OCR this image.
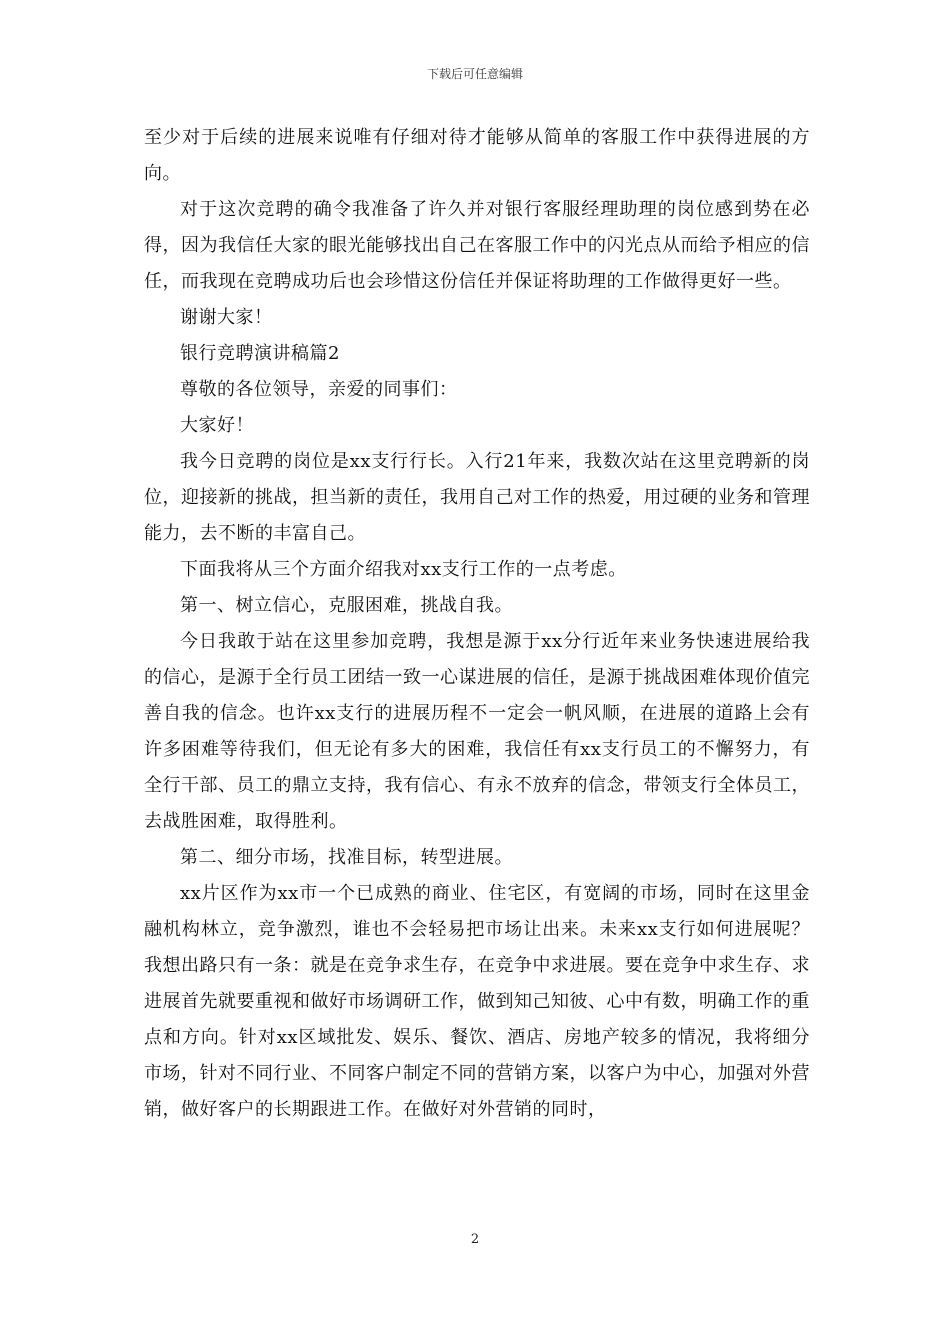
下载后可任意编辑

至少对于后续的进展来说唯有仔细对待才能够从简单的客服工作中获得进展的方向。

对于这次竞聘的确令我准备了许久并对银行客服经理助理的岗位感到势在必得，因为我信任大家的眼光能够找出自己在客服工作中的闪光点从而给予相应的信任，而我现在竞聘成功后也会珍惜这份信任并保证将助理的工作做得更好一些。

谢谢大家！

银行竞聘演讲稿篇2

尊敬的各位领导，亲爱的同事们：

大家好！

我今日竞聘的岗位是xx支行行长。入行21年来，我数次站在这里竞聘新的岗位，迎接新的挑战，担当新的责任，我用自己对工作的热爱，用过硬的业务和管理能力，去不断的丰富自己。

下面我将从三个方面介绍我对xx支行工作的一点考虑。

第一、树立信心，克服困难，挑战自我。

今日我敢于站在这里参加竞聘，我想是源于xx分行近年来业务快速进展给我的信心，是源于全行员工团结一致一心谋进展的信任，是源于挑战困难体现价值完善自我的信念。也许xx支行的进展历程不一定会一帆风顺，在进展的道路上会有许多困难等待我们，但无论有多大的困难，我信任有xx支行员工的不懈努力，有全行干部、员工的鼎立支持，我有信心、有永不放弃的信念，带领支行全体员工，去战胜困难，取得胜利。

第二、细分市场，找准目标，转型进展。

xx片区作为xx市一个已成熟的商业、住宅区，有宽阔的市场，同时在这里金融机构林立，竞争激烈，谁也不会轻易把市场让出来。未来xx支行如何进展呢？我想出路只有一条：就是在竞争求生存，在竞争中求进展。要在竞争中求生存、求进展首先就要重视和做好市场调研工作，做到知己知彼、心中有数，明确工作的重点和方向。针对xx区域批发、娱乐、餐饮、酒店、房地产较多的情况，我将细分市场，针对不同行业、不同客户制定不同的营销方案，以客户为中心，加强对外营销，做好客户的长期跟进工作。在做好对外营销的同时，

2
